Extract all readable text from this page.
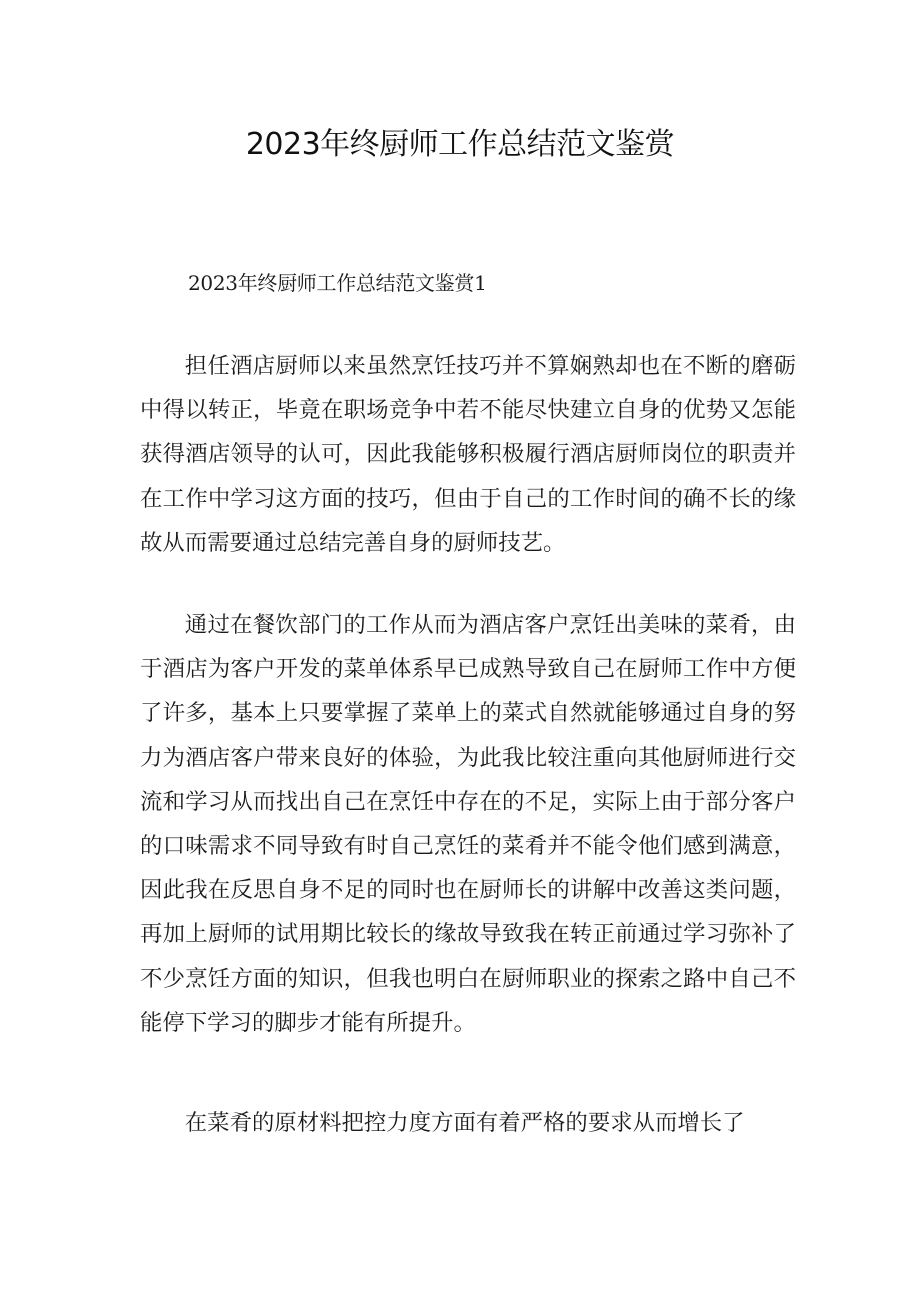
2023年终厨师工作总结范文鉴赏
2023年终厨师工作总结范文鉴赏1

担任酒店厨师以来虽然烹饪技巧并不算娴熟却也在不断的磨砺中得以转正，毕竟在职场竞争中若不能尽快建立自身的优势又怎能获得酒店领导的认可，因此我能够积极履行酒店厨师岗位的职责并在工作中学习这方面的技巧，但由于自己的工作时间的确不长的缘故从而需要通过总结完善自身的厨师技艺。

通过在餐饮部门的工作从而为酒店客户烹饪出美味的菜肴，由于酒店为客户开发的菜单体系早已成熟导致自己在厨师工作中方便了许多，基本上只要掌握了菜单上的菜式自然就能够通过自身的努力为酒店客户带来良好的体验，为此我比较注重向其他厨师进行交流和学习从而找出自己在烹饪中存在的不足，实际上由于部分客户的口味需求不同导致有时自己烹饪的菜肴并不能令他们感到满意，因此我在反思自身不足的同时也在厨师长的讲解中改善这类问题，再加上厨师的试用期比较长的缘故导致我在转正前通过学习弥补了不少烹饪方面的知识，但我也明白在厨师职业的探索之路中自己不能停下学习的脚步才能有所提升。

在菜肴的原材料把控力度方面有着严格的要求从而增长了
